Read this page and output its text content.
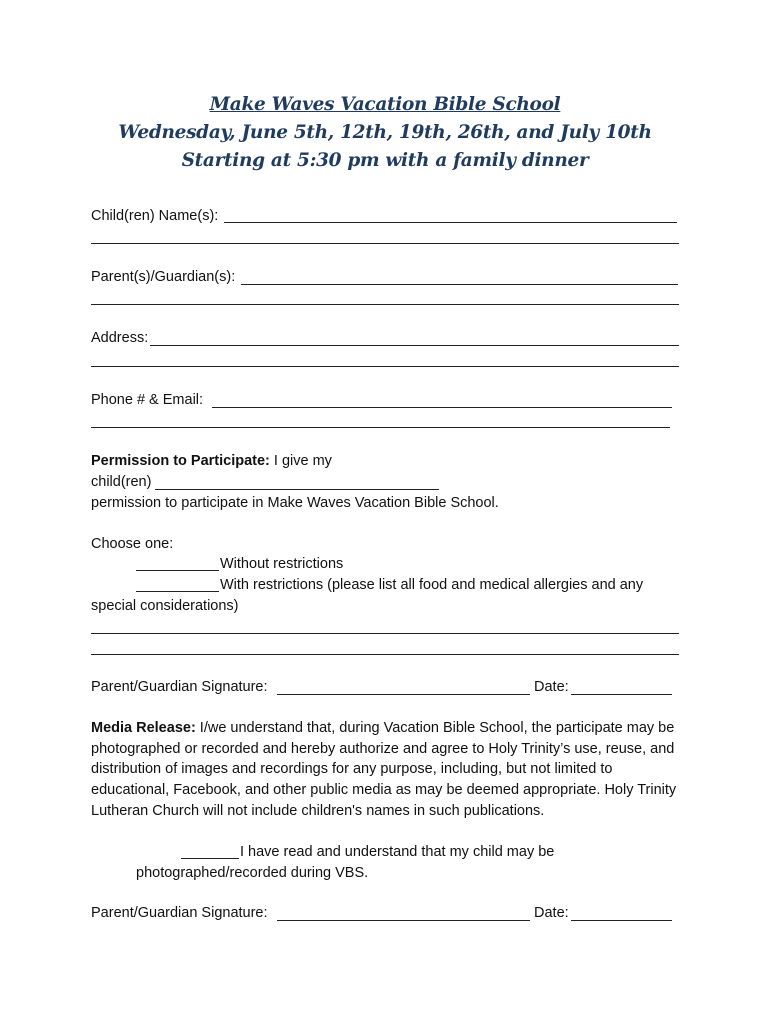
Make Waves Vacation Bible School
Wednesday, June 5th, 12th, 19th, 26th, and July 10th
Starting at 5:30 pm with a family dinner
Child(ren) Name(s):
Parent(s)/Guardian(s):
Address:
Phone # & Email:
Permission to Participate: I give my
child(ren)
permission to participate in Make Waves Vacation Bible School.
Choose one:
Without restrictions
With restrictions (please list all food and medical allergies and any
special considerations)
Parent/Guardian Signature:	Date:
Media Release: I/we understand that, during Vacation Bible School, the participate may be photographed or recorded and hereby authorize and agree to Holy Trinity’s use, reuse, and distribution of images and recordings for any purpose, including, but not limited to educational, Facebook, and other public media as may be deemed appropriate. Holy Trinity Lutheran Church will not include children's names in such publications.
I have read and understand that my child may be
photographed/recorded during VBS.
Parent/Guardian Signature:	Date:
